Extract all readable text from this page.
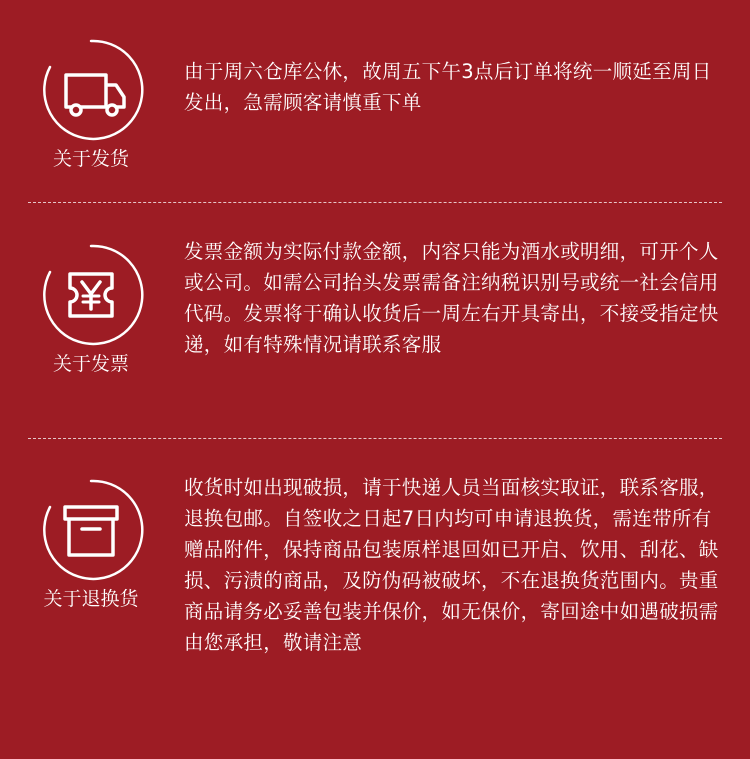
关于发货
由于周六仓库公休，故周五下午3点后订单将统一顺延至周日发出，急需顾客请慎重下单
关于发票
发票金额为实际付款金额，内容只能为酒水或明细，可开个人或公司。如需公司抬头发票需备注纳税识别号或统一社会信用代码。发票将于确认收货后一周左右开具寄出，不接受指定快递，如有特殊情况请联系客服
关于退换货
收货时如出现破损，请于快递人员当面核实取证，联系客服，退换包邮。自签收之日起7日内均可申请退换货，需连带所有赠品附件，保持商品包装原样退回如已开启、饮用、刮花、缺损、污渍的商品，及防伪码被破坏，不在退换货范围内。贵重商品请务必妥善包装并保价，如无保价，寄回途中如遇破损需由您承担，敬请注意
